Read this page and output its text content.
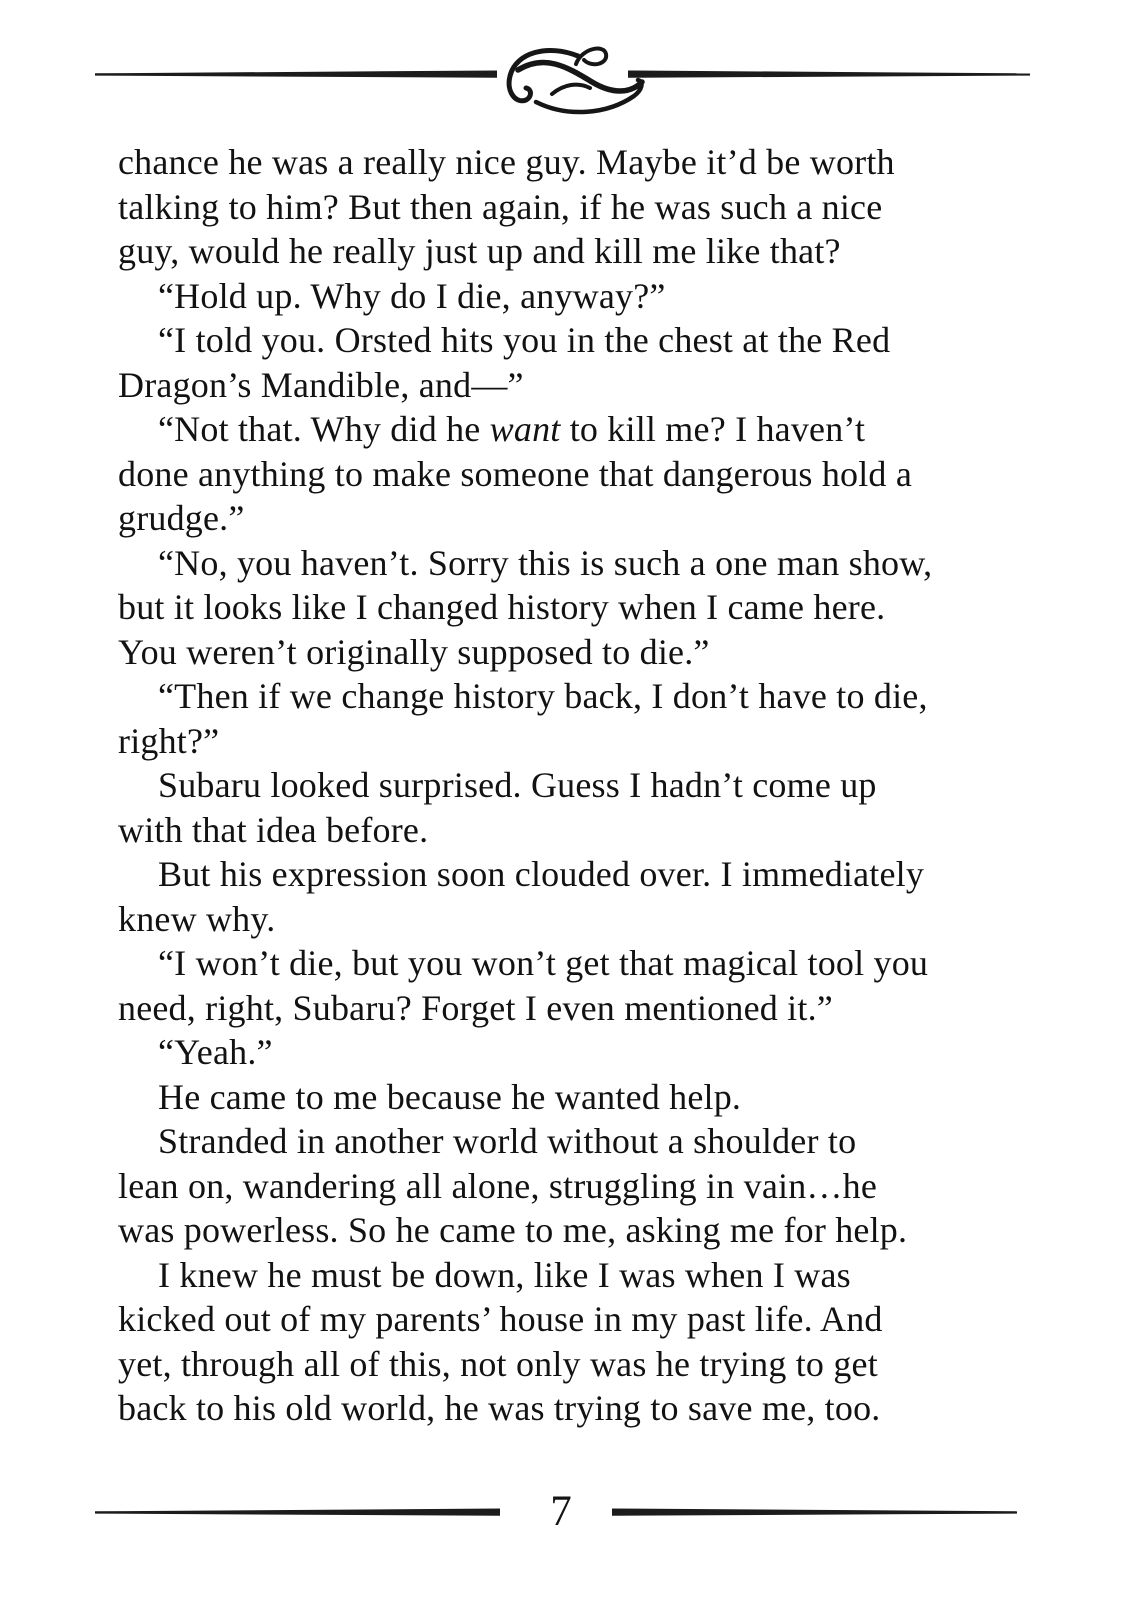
chance he was a really nice guy. Maybe it’d be worth
talking to him? But then again, if he was such a nice
guy, would he really just up and kill me like that?
“Hold up. Why do I die, anyway?”
“I told you. Orsted hits you in the chest at the Red
Dragon’s Mandible, and—”
“Not that. Why did he want to kill me? I haven’t
done anything to make someone that dangerous hold a
grudge.”
“No, you haven’t. Sorry this is such a one man show,
but it looks like I changed history when I came here.
You weren’t originally supposed to die.”
“Then if we change history back, I don’t have to die,
right?”
Subaru looked surprised. Guess I hadn’t come up
with that idea before.
But his expression soon clouded over. I immediately
knew why.
“I won’t die, but you won’t get that magical tool you
need, right, Subaru? Forget I even mentioned it.”
“Yeah.”
He came to me because he wanted help.
Stranded in another world without a shoulder to
lean on, wandering all alone, struggling in vain…he
was powerless. So he came to me, asking me for help.
I knew he must be down, like I was when I was
kicked out of my parents’ house in my past life. And
yet, through all of this, not only was he trying to get
back to his old world, he was trying to save me, too.
7
